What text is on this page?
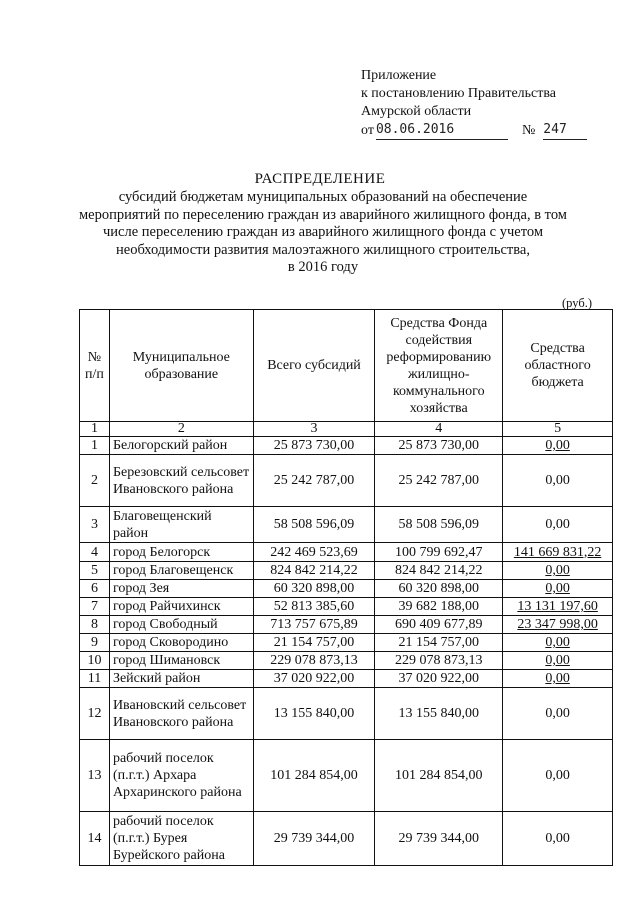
Приложение
к постановлению Правительства
Амурской области
от 08.06.2016	№ 247
РАСПРЕДЕЛЕНИЕ
субсидий бюджетам муниципальных образований на обеспечение
мероприятий по переселению граждан из аварийного жилищного фонда, в том
числе переселению граждан из аварийного жилищного фонда с учетом
необходимости развития малоэтажного жилищного строительства,
в 2016 году
(руб.)
№ п/п	Муниципальное образование	Всего субсидий	Средства Фонда содействия реформированию жилищно-коммунального хозяйства	Средства областного бюджета
1	2	3	4	5
1	Белогорский район	25 873 730,00	25 873 730,00	0,00
2	Березовский сельсовет Ивановского района	25 242 787,00	25 242 787,00	0,00
3	Благовещенский район	58 508 596,09	58 508 596,09	0,00
4	город Белогорск	242 469 523,69	100 799 692,47	141 669 831,22
5	город Благовещенск	824 842 214,22	824 842 214,22	0,00
6	город Зея	60 320 898,00	60 320 898,00	0,00
7	город Райчихинск	52 813 385,60	39 682 188,00	13 131 197,60
8	город Свободный	713 757 675,89	690 409 677,89	23 347 998,00
9	город Сковородино	21 154 757,00	21 154 757,00	0,00
10	город Шимановск	229 078 873,13	229 078 873,13	0,00
11	Зейский район	37 020 922,00	37 020 922,00	0,00
12	Ивановский сельсовет Ивановского района	13 155 840,00	13 155 840,00	0,00
13	рабочий поселок (п.г.т.) Архара Архаринского района	101 284 854,00	101 284 854,00	0,00
14	рабочий поселок (п.г.т.) Бурея Бурейского района	29 739 344,00	29 739 344,00	0,00
